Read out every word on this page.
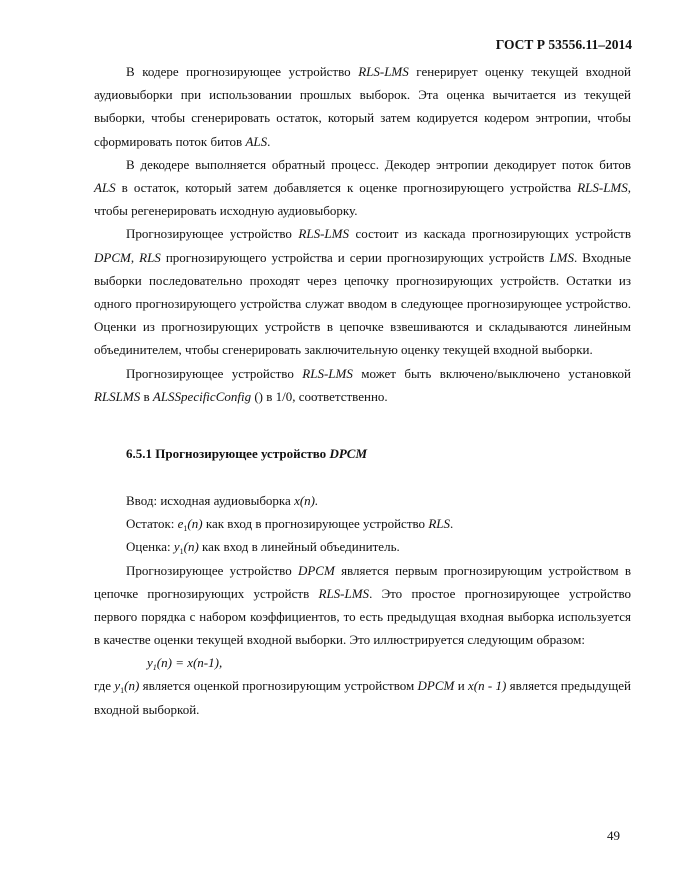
ГОСТ Р 53556.11–2014

В кодере прогнозирующее устройство RLS-LMS генерирует оценку текущей входной аудиовыборки при использовании прошлых выборок. Эта оценка вычитается из текущей выборки, чтобы сгенерировать остаток, который затем кодируется кодером энтропии, чтобы сформировать поток битов ALS.

В декодере выполняется обратный процесс. Декодер энтропии декодирует поток битов ALS в остаток, который затем добавляется к оценке прогнозирующего устройства RLS-LMS, чтобы регенерировать исходную аудиовыборку.

Прогнозирующее устройство RLS-LMS состоит из каскада прогнозирующих устройств DPCM, RLS прогнозирующего устройства и серии прогнозирующих устройств LMS. Входные выборки последовательно проходят через цепочку прогнозирующих устройств. Остатки из одного прогнозирующего устройства служат вводом в следующее прогнозирующее устройство. Оценки из прогнозирующих устройств в цепочке взвешиваются и складываются линейным объединителем, чтобы сгенерировать заключительную оценку текущей входной выборки.

Прогнозирующее устройство RLS-LMS может быть включено/выключено установкой RLSLMS в ALSSpecificConfig () в 1/0, соответственно.

6.5.1 Прогнозирующее устройство DPCM

Ввод: исходная аудиовыборка x(n).

Остаток: $e_1(n)$ как вход в прогнозирующее устройство RLS.

Оценка: $y_1(n)$ как вход в линейный объединитель.

Прогнозирующее устройство DPCM является первым прогнозирующим устройством в цепочке прогнозирующих устройств RLS-LMS. Это простое прогнозирующее устройство первого порядка с набором коэффициентов, то есть предыдущая входная выборка используется в качестве оценки текущей входной выборки. Это иллюстрируется следующим образом:

$y_1(n) = x(n-1)$,

где $y_1(n)$ является оценкой прогнозирующим устройством DPCM и x(n - 1) является предыдущей входной выборкой.

49
